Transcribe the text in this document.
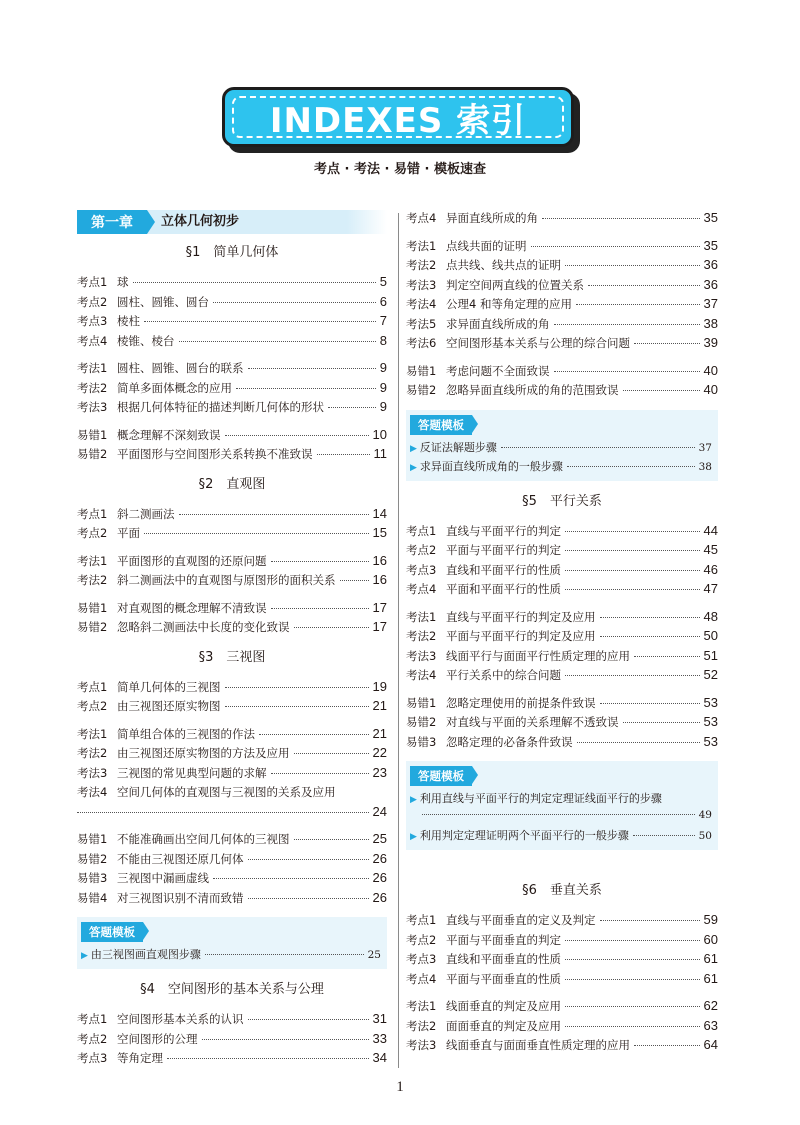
INDEXES 索引
考点 · 考法 · 易错 · 模板速查
第一章	立体几何初步
§1　简单几何体
考点1 球	5
考点2 圆柱、圆锥、圆台	6
考点3 棱柱	7
考点4 棱锥、棱台	8
考法1 圆柱、圆锥、圆台的联系	9
考法2 简单多面体概念的应用	9
考法3 根据几何体特征的描述判断几何体的形状	9
易错1 概念理解不深刻致误	10
易错2 平面图形与空间图形关系转换不准致误	11
§2　直观图
考点1 斜二测画法	14
考点2 平面	15
考法1 平面图形的直观图的还原问题	16
考法2 斜二测画法中的直观图与原图形的面积关系	16
易错1 对直观图的概念理解不清致误	17
易错2 忽略斜二测画法中长度的变化致误	17
§3　三视图
考点1 简单几何体的三视图	19
考点2 由三视图还原实物图	21
考法1 简单组合体的三视图的作法	21
考法2 由三视图还原实物图的方法及应用	22
考法3 三视图的常见典型问题的求解	23
考法4 空间几何体的直观图与三视图的关系及应用
24
易错1 不能准确画出空间几何体的三视图	25
易错2 不能由三视图还原几何体	26
易错3 三视图中漏画虚线	26
易错4 对三视图识别不清而致错	26
答题模板
▶ 由三视图画直观图步骤	25
§4　空间图形的基本关系与公理
考点1 空间图形基本关系的认识	31
考点2 空间图形的公理	33
考点3 等角定理	34
考点4 异面直线所成的角	35
考法1 点线共面的证明	35
考法2 点共线、线共点的证明	36
考法3 判定空间两直线的位置关系	36
考法4 公理4 和等角定理的应用	37
考法5 求异面直线所成的角	38
考法6 空间图形基本关系与公理的综合问题	39
易错1 考虑问题不全面致误	40
易错2 忽略异面直线所成的角的范围致误	40
答题模板
▶ 反证法解题步骤	37
▶ 求异面直线所成角的一般步骤	38
§5　平行关系
考点1 直线与平面平行的判定	44
考点2 平面与平面平行的判定	45
考点3 直线和平面平行的性质	46
考点4 平面和平面平行的性质	47
考法1 直线与平面平行的判定及应用	48
考法2 平面与平面平行的判定及应用	50
考法3 线面平行与面面平行性质定理的应用	51
考法4 平行关系中的综合问题	52
易错1 忽略定理使用的前提条件致误	53
易错2 对直线与平面的关系理解不透致误	53
易错3 忽略定理的必备条件致误	53
答题模板
▶ 利用直线与平面平行的判定定理证线面平行的步骤
49
▶ 利用判定定理证明两个平面平行的一般步骤	50
§6　垂直关系
考点1 直线与平面垂直的定义及判定	59
考点2 平面与平面垂直的判定	60
考点3 直线和平面垂直的性质	61
考点4 平面与平面垂直的性质	61
考法1 线面垂直的判定及应用	62
考法2 面面垂直的判定及应用	63
考法3 线面垂直与面面垂直性质定理的应用	64
1
